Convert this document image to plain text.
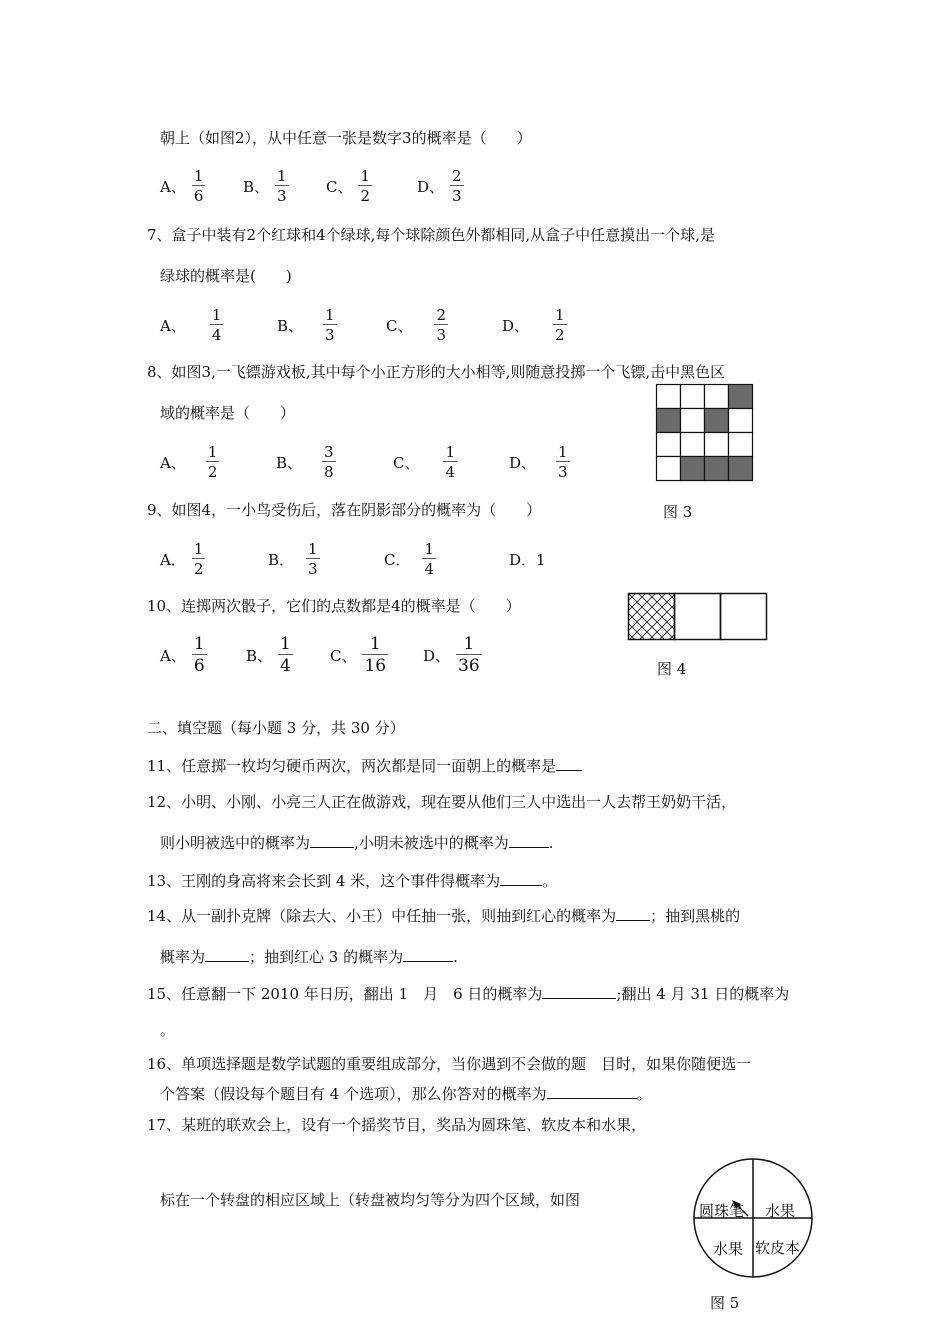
朝上（如图2），从中任意一张是数字3的概率是（　　）
A、 $\frac{1}{6}$	B、 $\frac{1}{3}$ C、 $\frac{1}{2}$	D、 $\frac{2}{3}$
7、盒子中装有2个红球和4个绿球,每个球除颜色外都相同,从盒子中任意摸出一个球,是
绿球的概率是(　　)
A、 $\frac{1}{4}$	B、 $\frac{1}{3}$	C、 $\frac{2}{3}$	D、 $\frac{1}{2}$
8、如图3,一飞镖游戏板,其中每个小正方形的大小相等,则随意投掷一个飞镖,击中黑色区
域的概率是（　　）
A、 $\frac{1}{2}$	B、 $\frac{3}{8}$	C、 $\frac{1}{4}$	D、 $\frac{1}{3}$
图 3
9、如图4，一小鸟受伤后，落在阴影部分的概率为（　　）
A． $\frac{1}{2}$	B． $\frac{1}{3}$	C． $\frac{1}{4}$	D．1
10、连掷两次骰子，它们的点数都是4的概率是（　　）
A、 $\frac{1}{6}$	B、 $\frac{1}{4}$ C、 $\frac{1}{16}$ D、 $\frac{1}{36}$	图 4
二、填空题（每小题 3 分，共 30 分）
11、任意掷一枚均匀硬币两次，两次都是同一面朝上的概率是
12、小明、小刚、小亮三人正在做游戏，现在要从他们三人中选出一人去帮王奶奶干活，
则小明被选中的概率为	,小明未被选中的概率为	.
13、王刚的身高将来会长到 4 米，这个事件得概率为	。
14、从一副扑克牌（除去大、小王）中任抽一张，则抽到红心的概率为 ；抽到黑桃的
概率为	；抽到红心 3 的概率为	.
15、任意翻一下 2010 年日历，翻出 1　月　6 日的概率为	;翻出 4 月 31 日的概率为
。
16、单项选择题是数学试题的重要组成部分，当你遇到不会做的题　目时，如果你随便选一
个答案（假设每个题目有 4 个选项），那么你答对的概率为	。
17、某班的联欢会上，设有一个摇奖节目，奖品为圆珠笔、软皮本和水果，
标在一个转盘的相应区域上（转盘被均匀等分为四个区域，如图
圆珠笔 水果
水果 软皮本
图 5
